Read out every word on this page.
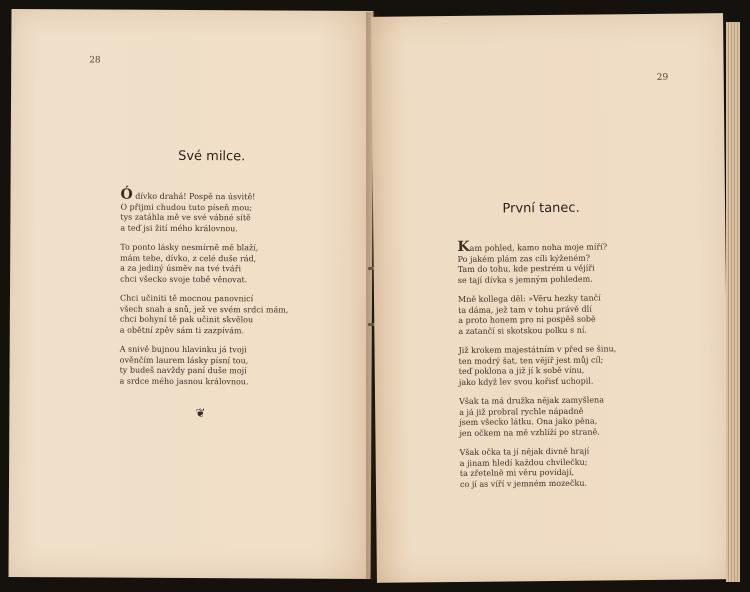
28
Své milce.
Ó dívko drahá! Pospě na úsvitě!
O přijmi chudou tuto píseň mou;
tys zatáhla mě ve své vábné sítě
a teď jsi žití mého královnou.
To ponto lásky nesmírně mě blaží,
mám tebe, dívko, z celé duše rád,
a za jediný úsměv na tvé tváři
chci všecko svoje tobě věnovat.
Chci učiniti tě mocnou panovnicí
všech snah a snů, jež ve svém srdci mám,
chci bohyní tě pak učinit skvělou
a obětní zpěv sám ti zazpívám.
A snivě bujnou hlavinku já tvoji
ověnčím laurem lásky písní tou,
ty budeš navždy paní duše mojí
a srdce mého jasnou královnou.
❦
29
První tanec.
Kam pohled, kamo noha moje míří?
Po jakém plám zas cíli kýženém?
Tam do tohu, kde pestrém u vějíři
se tají dívka s jemným pohledem.
Mně kollega děl: »Věru hezky tančí
ta dáma, jež tam v tohu právě dlí
a proto honem pro ni pospěš sobě
a zatančí si skotskou polku s ní.
Již krokem majestátním v před se šinu,
ten modrý šat, ten vějíř jest můj cíl;
teď poklona a již jí k sobě vínu,
jako když lev svou kořisť uchopil.
Však ta má družka nějak zamyšlena
a já již probral rychle nápadně
jsem všecko látku. Ona jako pěna,
jen očkem na mě vzhlíží po straně.
Však očka ta jí nějak divně hrají
a jinam hledí každou chvilečku;
ta zřetelně mi věru povídají,
co jí as víří v jemném mozečku.
